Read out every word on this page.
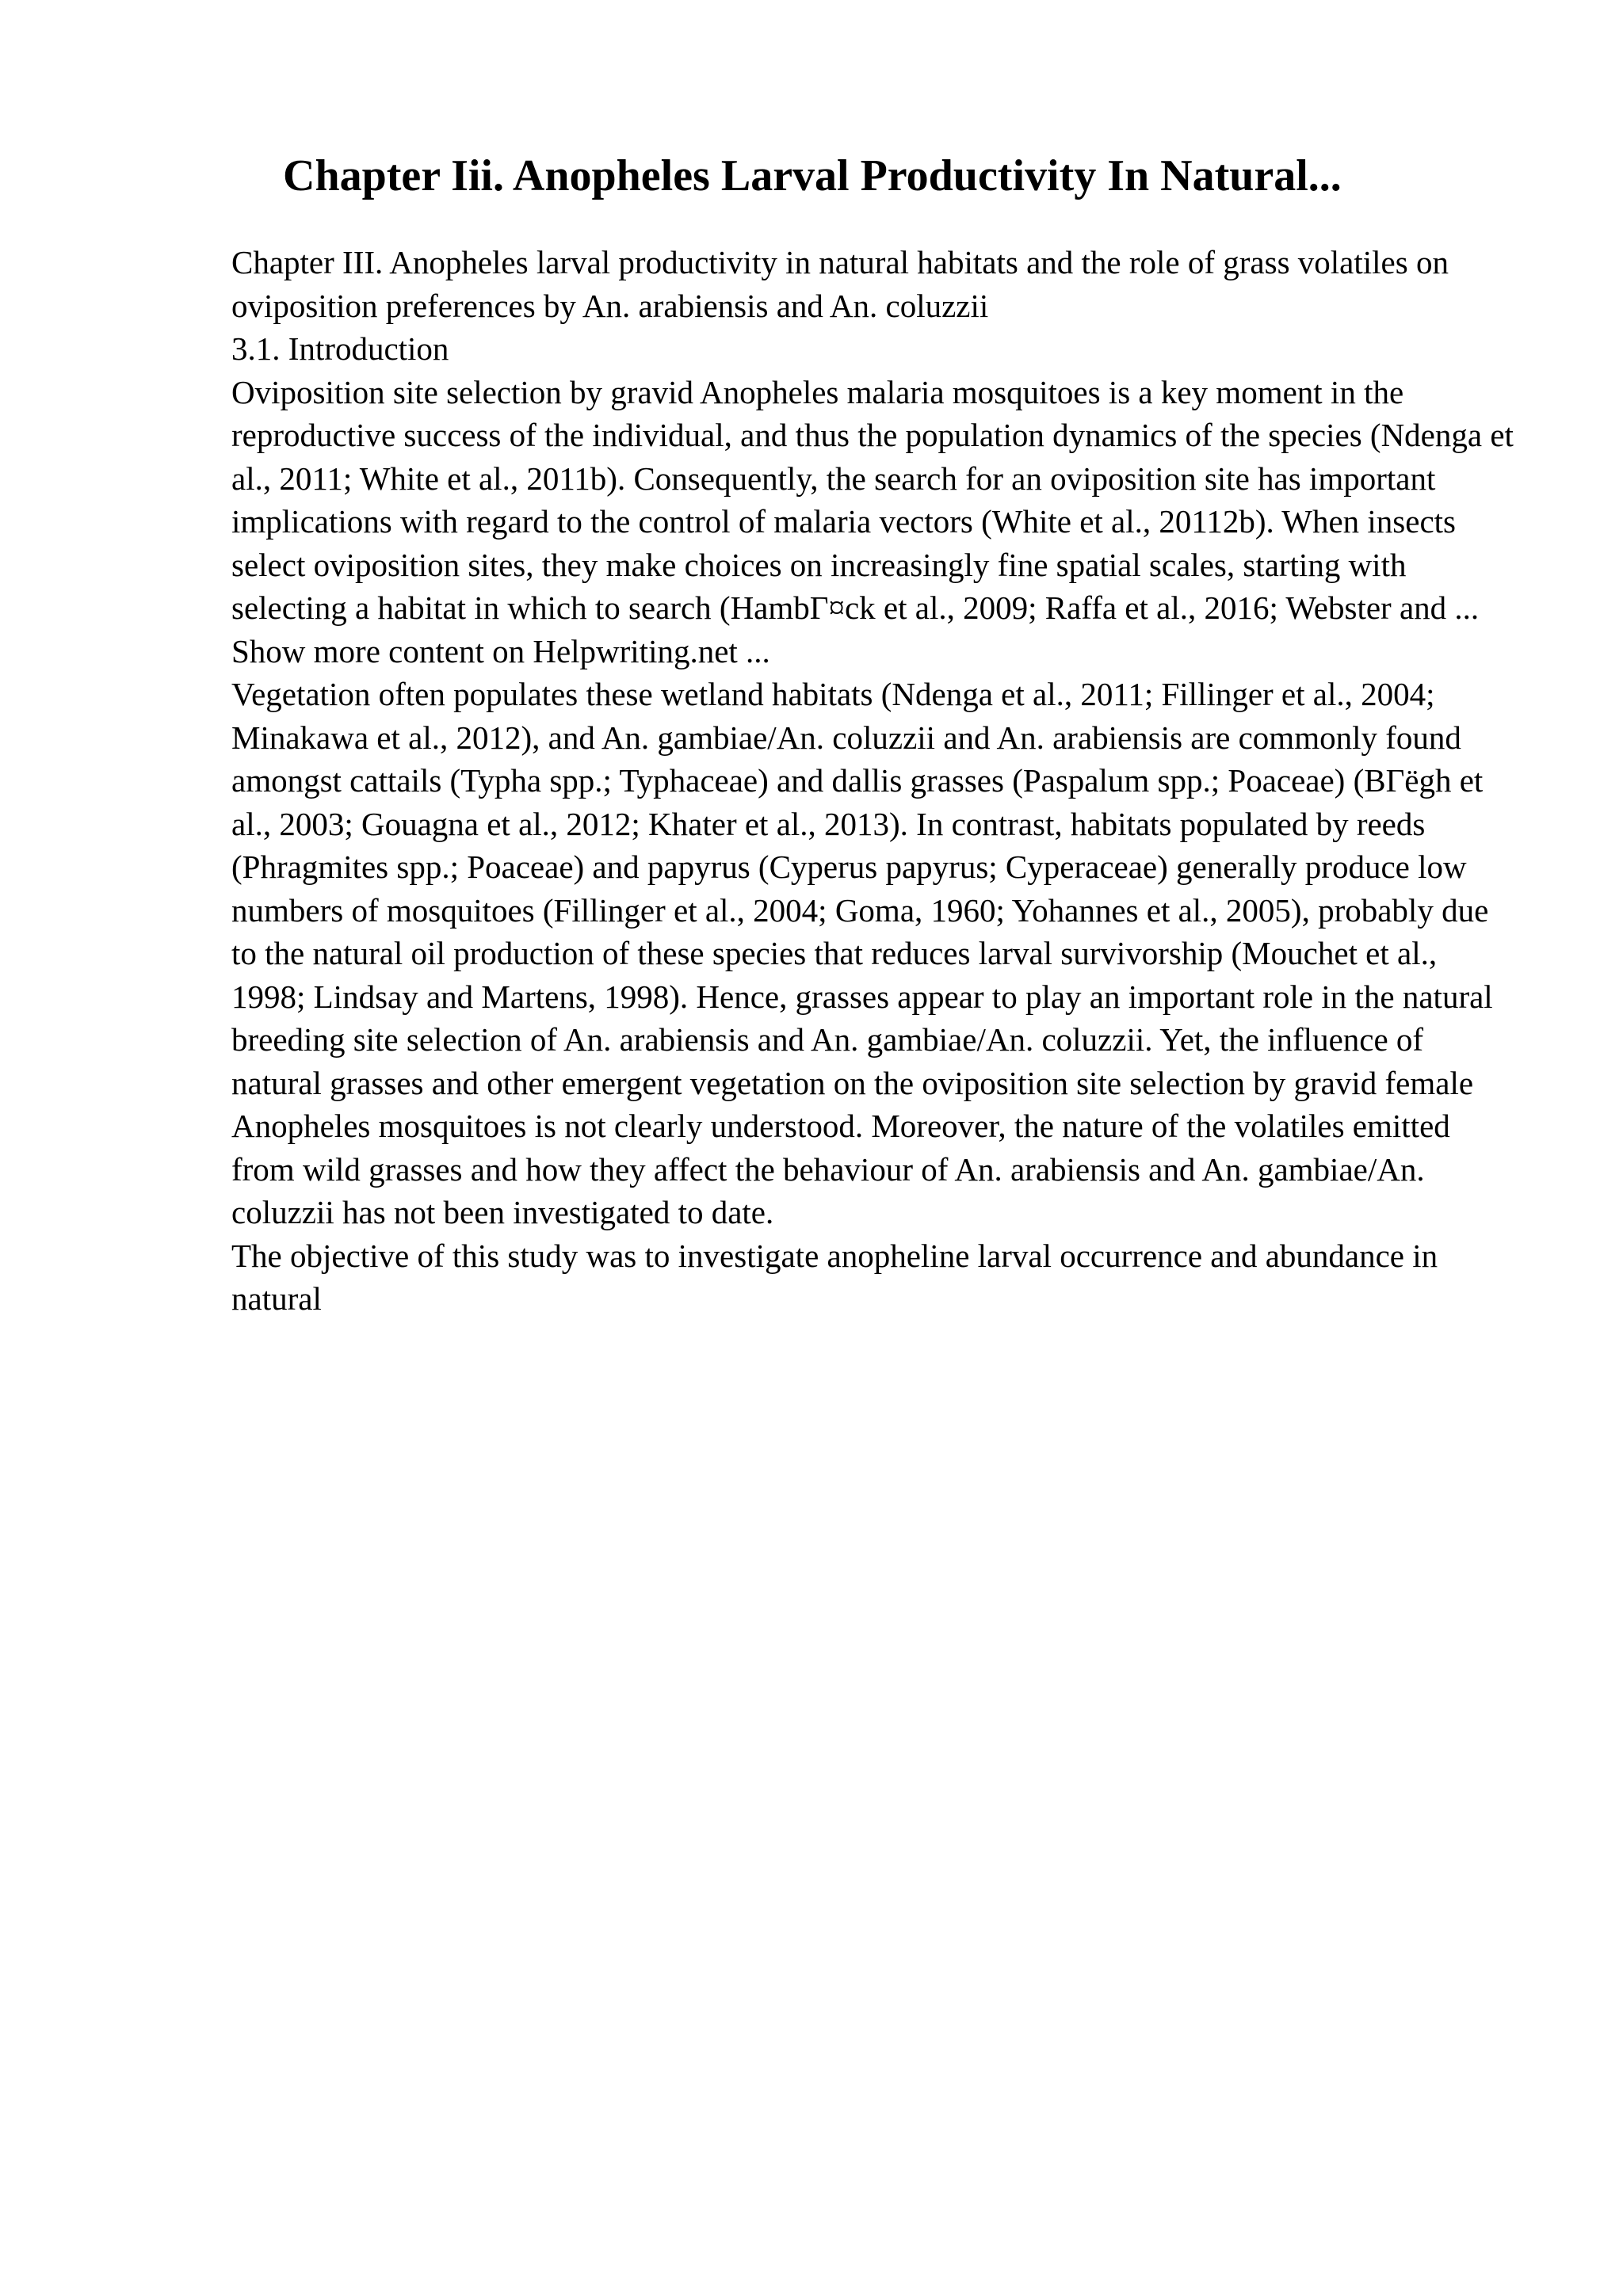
Chapter Iii. Anopheles Larval Productivity In Natural...

Chapter III. Anopheles larval productivity in natural habitats and the role of grass volatiles on oviposition preferences by An. arabiensis and An. coluzzii

3.1. Introduction

Oviposition site selection by gravid Anopheles malaria mosquitoes is a key moment in the reproductive success of the individual, and thus the population dynamics of the species (Ndenga et al., 2011; White et al., 2011b). Consequently, the search for an oviposition site has important implications with regard to the control of malaria vectors (White et al., 20112b). When insects select oviposition sites, they make choices on increasingly fine spatial scales, starting with selecting a habitat in which to search (HambГ¤ck et al., 2009; Raffa et al., 2016; Webster and ... Show more content on Helpwriting.net ...

Vegetation often populates these wetland habitats (Ndenga et al., 2011; Fillinger et al., 2004; Minakawa et al., 2012), and An. gambiae/An. coluzzii and An. arabiensis are commonly found amongst cattails (Typha spp.; Typhaceae) and dallis grasses (Paspalum spp.; Poaceae) (BГёgh et al., 2003; Gouagna et al., 2012; Khater et al., 2013). In contrast, habitats populated by reeds (Phragmites spp.; Poaceae) and papyrus (Cyperus papyrus; Cyperaceae) generally produce low numbers of mosquitoes (Fillinger et al., 2004; Goma, 1960; Yohannes et al., 2005), probably due to the natural oil production of these species that reduces larval survivorship (Mouchet et al., 1998; Lindsay and Martens, 1998). Hence, grasses appear to play an important role in the natural breeding site selection of An. arabiensis and An. gambiae/An. coluzzii. Yet, the influence of natural grasses and other emergent vegetation on the oviposition site selection by gravid female Anopheles mosquitoes is not clearly understood. Moreover, the nature of the volatiles emitted from wild grasses and how they affect the behaviour of An. arabiensis and An. gambiae/An. coluzzii has not been investigated to date.

The objective of this study was to investigate anopheline larval occurrence and abundance in natural
